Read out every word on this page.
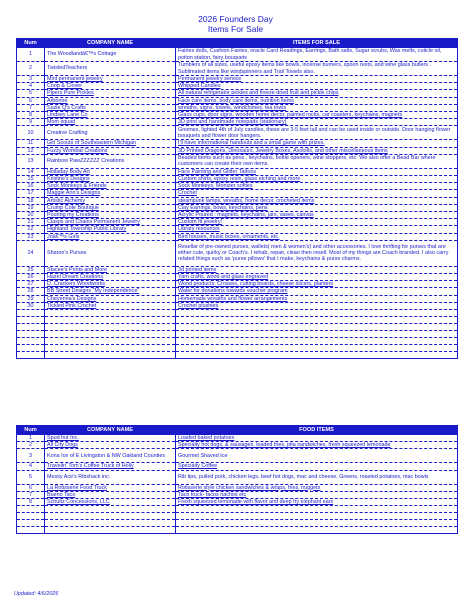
2026 Founders Day
Items For Sale
Num	COMPANY NAME	ITEMS FOR SALE
1	The Woodlandâ€™s Cottage	Fairies dolls, Cushion Fairies, oracle Card Readings, Earrings, Bath salts, Sugar scrubs, Wax melts, cuticle oil, potion station, fairy bouquets
2	TwistedTeachers	Tumblers of all sizes, useful epoxy items like bowls, incense burners, spoon rests, and wine glass butlers . Sublimated items like windspinners and Trail Towels also.
3	Mint permanent jewelry	Permanent jewelry service
4	Coop & Clover	Whipped Candles
5	Pipers Pure Pickles	All natural refrigerator pickles and freeze dried fruit and pickle chips
6	Arbonne	Face care items, body care items, nutrition items
7	Suzie Q's Crafts	wreaths, signs, towels, windchimes, tea towls
8	Lindsey Lane Co	Glass cups, door signs, wooden home decor, painted rocks, car coasters, keychains, magnets
9	Mom squad	3D print and handmade notepads (stationary)
10	Creative Crafting	Gnomes, lighted 4th of July candles, these are 3-5 feet tall and can be used inside or outside. Door hanging flower bouquets and flower door hangers.
11	Girl Scouts of Southeastern Michigan	I'll have informational handouts and a small game with prizes.
12	Fuzzy Wombat Creations	3D Printed Dragons, Dinosaurs, Jewelry Boxes, Axolotls, and other miscellaneous items
13	Rainbow PawZZZZZZ Creations	Beaded items such as pens , keychains, bottle openers, wine stoppers, etc. We also offer a Bead Bar where customers can create their own items.
14	Holladay Body Art	Face Painting and Glitter Tattoos
15	Kristine's Designs	Custom shirts, epoxy resin, glass etching and more
16	Sock Monkeys & Friends	Sock Monkeys, Monster softies
17	Maggie Ann's Designs	Crochet
18	Artistic Alchemy	steampunk lamps, wreaths, home decor, crocheted items
19	Crump Cote Boutique	Clay Earrings, bows, keychains, pens
20	Pouring my Creations	Acrylic Poured : magnets, keychains, jars, vases, canvas
21	Clasps and Chains Permanent Jewelry	Custom fit jewelry!
22	Highland Township Public Library	Library resources
23	Joâ€™s Girls	Bird houses, music boxes, ornaments, etc.
24	Sharon's Purses	Resellar of pre-owned purses, wallets( men & women's) and other accessories. I love thrifting for purses that are either cute, quirky or Coach's. I rehab, repair, clean then resell. Most of my things are Coach branded. I also carry related things such as 'purse pillows' that I make, keychains & purse charms.
25	Stacee's Prints and More	3d printed items
26	Hazel Dream Creations	Yarn crafts, wood and glass engraved
27	D. Crackers Woodworks	Wood products: Crosses, cutting boards, cheese slicers, planters
28	BB Street Designs "My Independence"	Water for donations towards voucher program
29	Cheyenna's Designs	Homemade wreaths and flower arrangements
30	Tickled Pink Crochet	Crochet plushies

Num	COMPANY NAME	FOOD ITEMS
1	Spud hut Inc.	Loaded baked potatoes
2	All City Dogs	Specialty hot dogs, & sausages, loaded fries, pita sandwiches, fresh squeezed lemonade
3	Kona Ice of E Livingston & NW Oakland Counties	Gourmet Shaved Ice
4	Travelin' Tom's Coffee Truck of Holly	Specialty Coffee
5	Messy Ace's Ribshack inc.	Rib tips, pulled pork, chicken legs, beef hot dogs, mac and cheese, Greens, roasted potatoes, mac bowls
6	La Rotisserie Food Truck	Rotisserie style chicken sandwiches & wraps, fries, nuggets
7	Bueno Taco	Taco truck- tacos nachos etc
8	Schultz Concessions, LLC	Fresh squeezed lemonade with flavor and deep fry elephant ears

Updated: 4/6/2026
